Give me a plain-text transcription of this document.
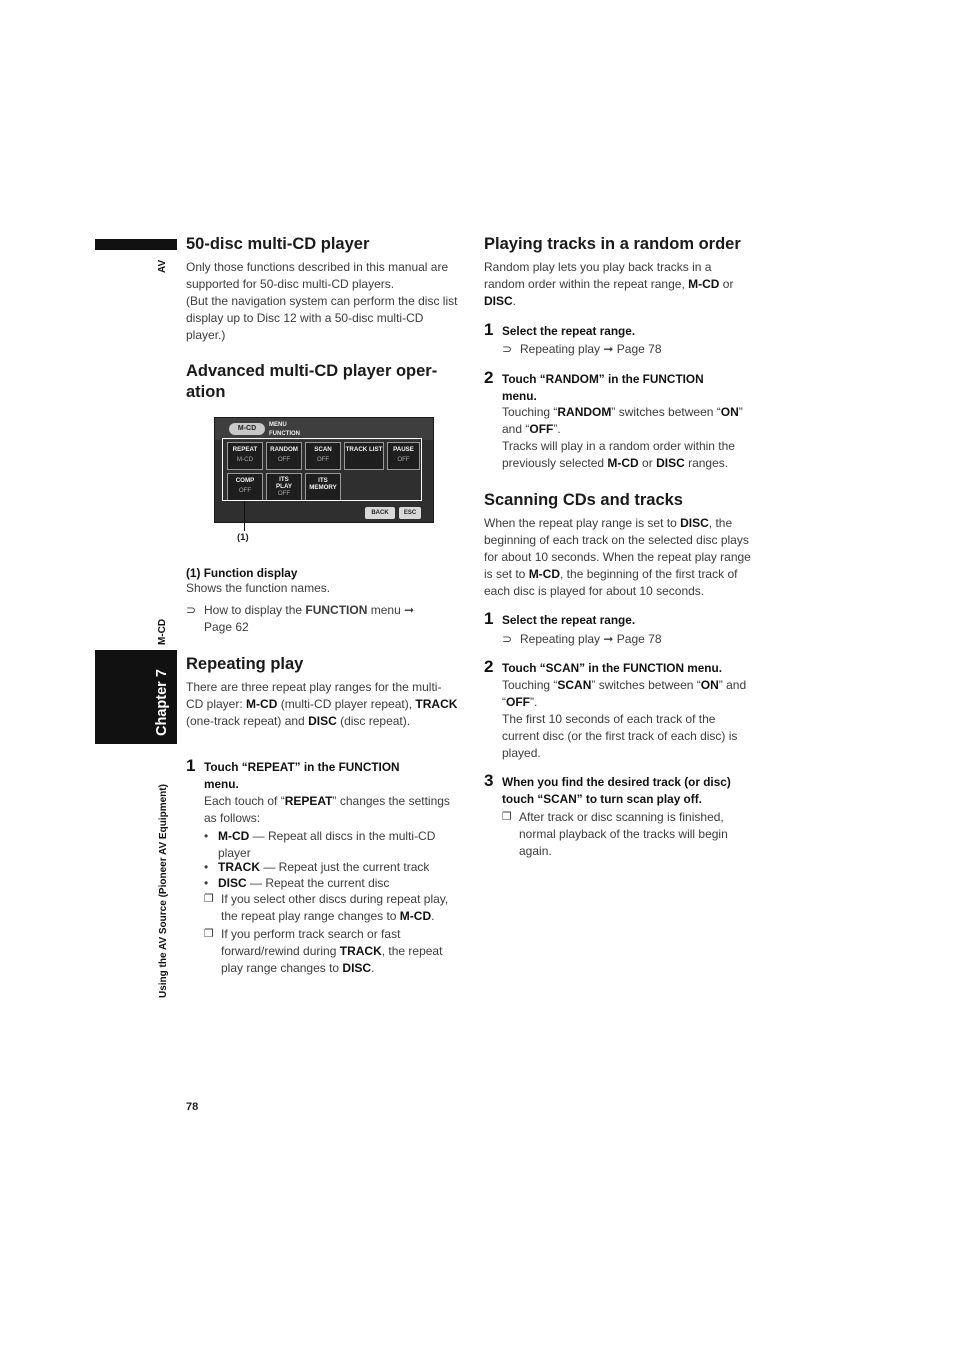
AV
M-CD
Chapter 7
Using the AV Source (Pioneer AV Equipment)
50-disc multi-CD player
Only those functions described in this manual are supported for 50-disc multi-CD players.
(But the navigation system can perform the disc list display up to Disc 12 with a 50-disc multi-CD player.)
Advanced multi-CD player oper-
ation
M-CD	MENU
FUNCTION
REPEAT
M-CD
RANDOM
OFF
SCAN
OFF
TRACK LIST	PAUSE
OFF
COMP
OFF
ITS PLAY
OFF
ITS MEMORY
BACK	ESC
(1)
(1) Function display
Shows the function names.
⊃ How to display the FUNCTION menu ➞
Page 62
Repeating play
There are three repeat play ranges for the multi-CD player: M-CD (multi-CD player repeat), TRACK (one-track repeat) and DISC (disc repeat).
1 Touch “REPEAT” in the FUNCTION
menu.
Each touch of “REPEAT” changes the settings as follows:
• M-CD — Repeat all discs in the multi-CD player
• TRACK — Repeat just the current track
• DISC — Repeat the current disc
❐ If you select other discs during repeat play, the repeat play range changes to M-CD.
❐ If you perform track search or fast forward/rewind during TRACK, the repeat play range changes to DISC.
Playing tracks in a random order
Random play lets you play back tracks in a random order within the repeat range, M-CD or DISC.
1 Select the repeat range.
⊃ Repeating play ➞ Page 78
2 Touch “RANDOM” in the FUNCTION
menu.
Touching “RANDOM” switches between “ON” and “OFF”.
Tracks will play in a random order within the previously selected M-CD or DISC ranges.
Scanning CDs and tracks
When the repeat play range is set to DISC, the beginning of each track on the selected disc plays for about 10 seconds. When the repeat play range is set to M-CD, the beginning of the first track of each disc is played for about 10 seconds.
1 Select the repeat range.
⊃ Repeating play ➞ Page 78
2 Touch “SCAN” in the FUNCTION menu.
Touching “SCAN” switches between “ON” and “OFF”.
The first 10 seconds of each track of the current disc (or the first track of each disc) is played.
3 When you find the desired track (or disc)
touch “SCAN” to turn scan play off.
❐ After track or disc scanning is finished, normal playback of the tracks will begin again.
78
